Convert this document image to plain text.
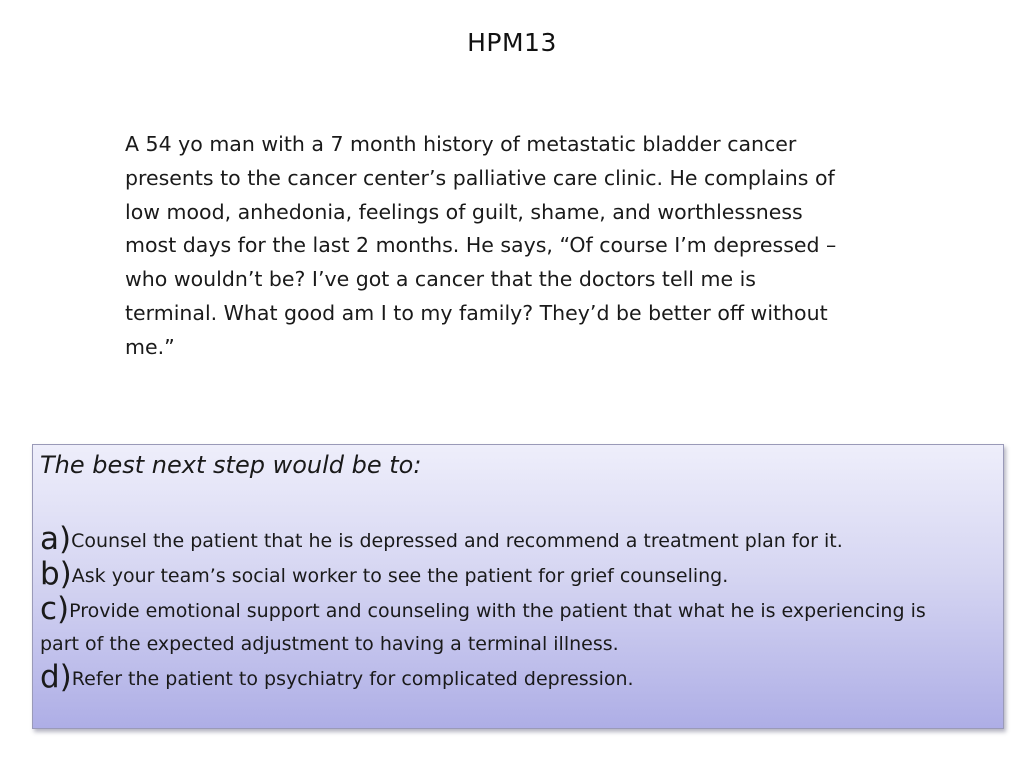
HPM13
A 54 yo man with a 7 month history of metastatic bladder cancer
presents to the cancer center’s palliative care clinic. He complains of
low mood, anhedonia, feelings of guilt, shame, and worthlessness
most days for the last 2 months. He says, “Of course I’m depressed –
who wouldn’t be? I’ve got a cancer that the doctors tell me is
terminal. What good am I to my family? They’d be better off without
me.”
The best next step would be to:

a)Counsel the patient that he is depressed and recommend a treatment plan for it.

b)Ask your team’s social worker to see the patient for grief counseling.

c)Provide emotional support and counseling with the patient that what he is experiencing is part of the expected adjustment to having a terminal illness.

d)Refer the patient to psychiatry for complicated depression.
